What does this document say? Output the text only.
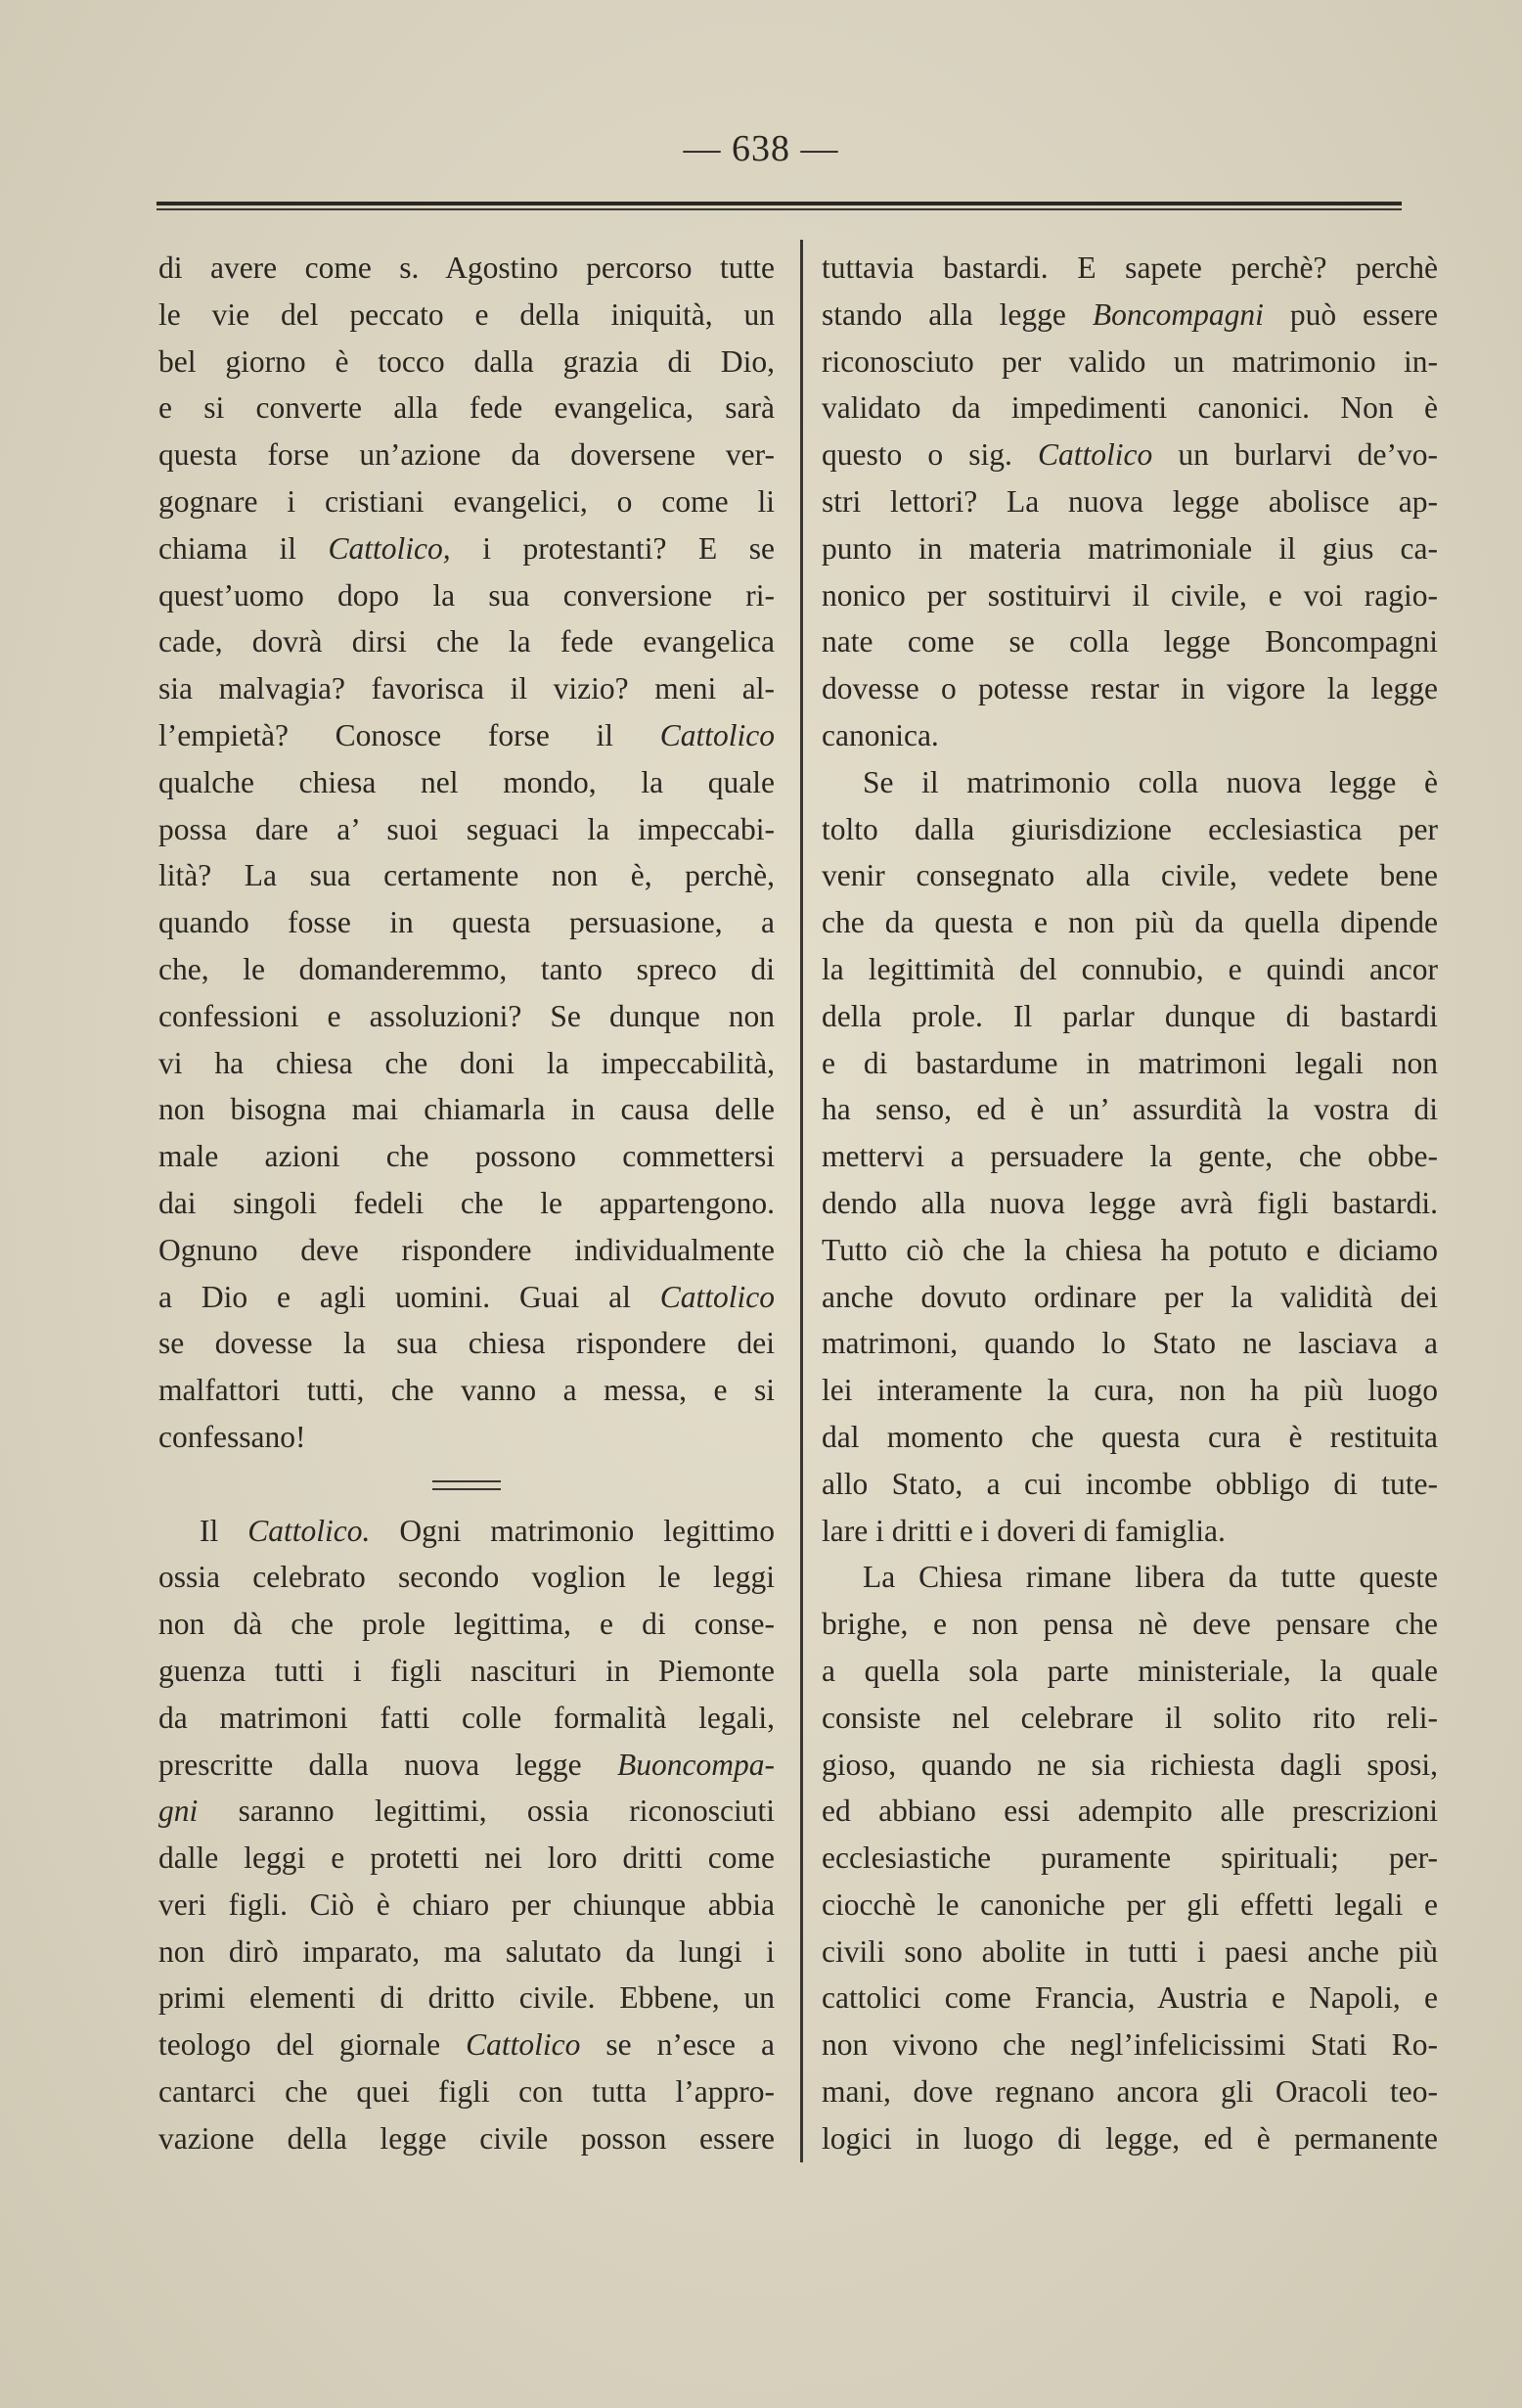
— 638 —
di avere come s. Agostino percorso tutte
le vie del peccato e della iniquità, un
bel giorno è tocco dalla grazia di Dio,
e si converte alla fede evangelica, sarà
questa forse un’azione da doversene ver-
gognare i cristiani evangelici, o come li
chiama il Cattolico, i protestanti? E se
quest’uomo dopo la sua conversione ri-
cade, dovrà dirsi che la fede evangelica
sia malvagia? favorisca il vizio? meni al-
l’empietà? Conosce forse il Cattolico
qualche chiesa nel mondo, la quale
possa dare a’ suoi seguaci la impeccabi-
lità? La sua certamente non è, perchè,
quando fosse in questa persuasione, a
che, le domanderemmo, tanto spreco di
confessioni e assoluzioni? Se dunque non
vi ha chiesa che doni la impeccabilità,
non bisogna mai chiamarla in causa delle
male azioni che possono commettersi
dai singoli fedeli che le appartengono.
Ognuno deve rispondere individualmente
a Dio e agli uomini. Guai al Cattolico
se dovesse la sua chiesa rispondere dei
malfattori tutti, che vanno a messa, e si
confessano!
Il Cattolico. Ogni matrimonio legittimo
ossia celebrato secondo voglion le leggi
non dà che prole legittima, e di conse-
guenza tutti i figli nascituri in Piemonte
da matrimoni fatti colle formalità legali,
prescritte dalla nuova legge Buoncompa-
gni saranno legittimi, ossia riconosciuti
dalle leggi e protetti nei loro dritti come
veri figli. Ciò è chiaro per chiunque abbia
non dirò imparato, ma salutato da lungi i
primi elementi di dritto civile. Ebbene, un
teologo del giornale Cattolico se n’esce a
cantarci che quei figli con tutta l’appro-
vazione della legge civile posson essere
tuttavia bastardi. E sapete perchè? perchè
stando alla legge Boncompagni può essere
riconosciuto per valido un matrimonio in-
validato da impedimenti canonici. Non è
questo o sig. Cattolico un burlarvi de’vo-
stri lettori? La nuova legge abolisce ap-
punto in materia matrimoniale il gius ca-
nonico per sostituirvi il civile, e voi ragio-
nate come se colla legge Boncompagni
dovesse o potesse restar in vigore la legge
canonica.
Se il matrimonio colla nuova legge è
tolto dalla giurisdizione ecclesiastica per
venir consegnato alla civile, vedete bene
che da questa e non più da quella dipende
la legittimità del connubio, e quindi ancor
della prole. Il parlar dunque di bastardi
e di bastardume in matrimoni legali non
ha senso, ed è un’ assurdità la vostra di
mettervi a persuadere la gente, che obbe-
dendo alla nuova legge avrà figli bastardi.
Tutto ciò che la chiesa ha potuto e diciamo
anche dovuto ordinare per la validità dei
matrimoni, quando lo Stato ne lasciava a
lei interamente la cura, non ha più luogo
dal momento che questa cura è restituita
allo Stato, a cui incombe obbligo di tute-
lare i dritti e i doveri di famiglia.
La Chiesa rimane libera da tutte queste
brighe, e non pensa nè deve pensare che
a quella sola parte ministeriale, la quale
consiste nel celebrare il solito rito reli-
gioso, quando ne sia richiesta dagli sposi,
ed abbiano essi adempito alle prescrizioni
ecclesiastiche puramente spirituali; per-
ciocchè le canoniche per gli effetti legali e
civili sono abolite in tutti i paesi anche più
cattolici come Francia, Austria e Napoli, e
non vivono che negl’infelicissimi Stati Ro-
mani, dove regnano ancora gli Oracoli teo-
logici in luogo di legge, ed è permanente
